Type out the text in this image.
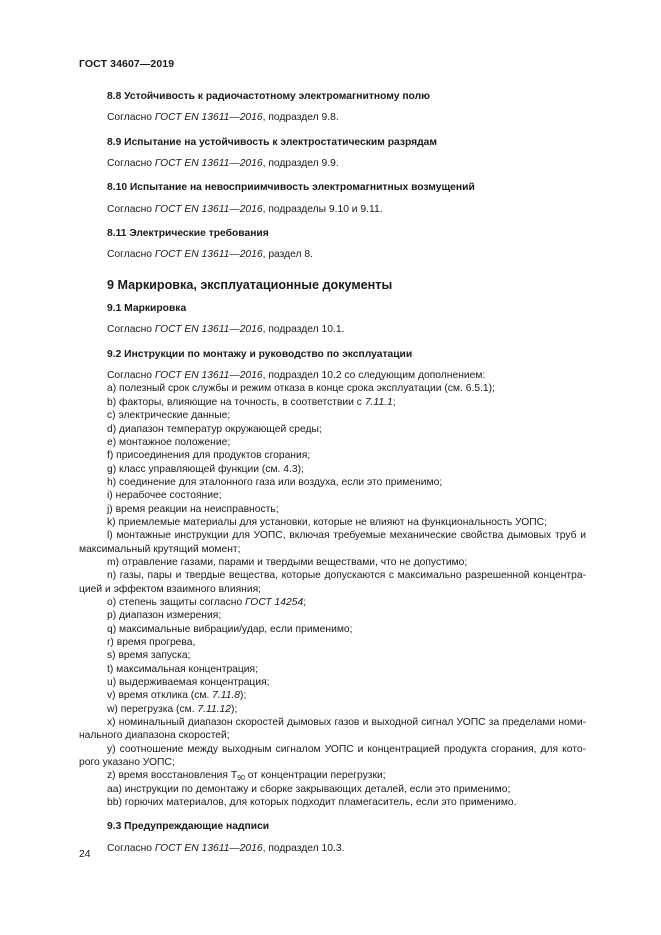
ГОСТ 34607—2019
8.8 Устойчивость к радиочастотному электромагнитному полю
Согласно ГОСТ EN 13611—2016, подраздел 9.8.
8.9 Испытание на устойчивость к электростатическим разрядам
Согласно ГОСТ EN 13611—2016, подраздел 9.9.
8.10 Испытание на невосприимчивость электромагнитных возмущений
Согласно ГОСТ EN 13611—2016, подразделы 9.10 и 9.11.
8.11 Электрические требования
Согласно ГОСТ EN 13611—2016, раздел 8.
9 Маркировка, эксплуатационные документы
9.1 Маркировка
Согласно ГОСТ EN 13611—2016, подраздел 10.1.
9.2 Инструкции по монтажу и руководство по эксплуатации
Согласно ГОСТ EN 13611—2016, подраздел 10.2 со следующим дополнением:
a) полезный срок службы и режим отказа в конце срока эксплуатации (см. 6.5.1);
b) факторы, влияющие на точность, в соответствии с 7.11.1;
c) электрические данные;
d) диапазон температур окружающей среды;
e) монтажное положение;
f) присоединения для продуктов сгорания;
g) класс управляющей функции (см. 4.3);
h) соединение для эталонного газа или воздуха, если это применимо;
i) нерабочее состояние;
j) время реакции на неисправность;
k) приемлемые материалы для установки, которые не влияют на функциональность УОПС;
l) монтажные инструкции для УОПС, включая требуемые механические свойства дымовых труб и максимальный крутящий момент;
m) отравление газами, парами и твердыми веществами, что не допустимо;
n) газы, пары и твердые вещества, которые допускаются с максимально разрешенной концентра-цией и эффектом взаимного влияния;
o) степень защиты согласно ГОСТ 14254;
p) диапазон измерения;
q) максимальные вибрации/удар, если применимо;
r) время прогрева,
s) время запуска;
t) максимальная концентрация;
u) выдерживаемая концентрация;
v) время отклика (см. 7.11.8);
w) перегрузка (см. 7.11.12);
x) номинальный диапазон скоростей дымовых газов и выходной сигнал УОПС за пределами номи-нального диапазона скоростей;
y) соотношение между выходным сигналом УОПС и концентрацией продукта сгорания, для кото-рого указано УОПС;
z) время восстановления $T_{90}$ от концентрации перегрузки;
aa) инструкции по демонтажу и сборке закрывающих деталей, если это применимо;
bb) горючих материалов, для которых подходит пламегаситель, если это применимо.
9.3 Предупреждающие надписи
Согласно ГОСТ EN 13611—2016, подраздел 10.3.
24
